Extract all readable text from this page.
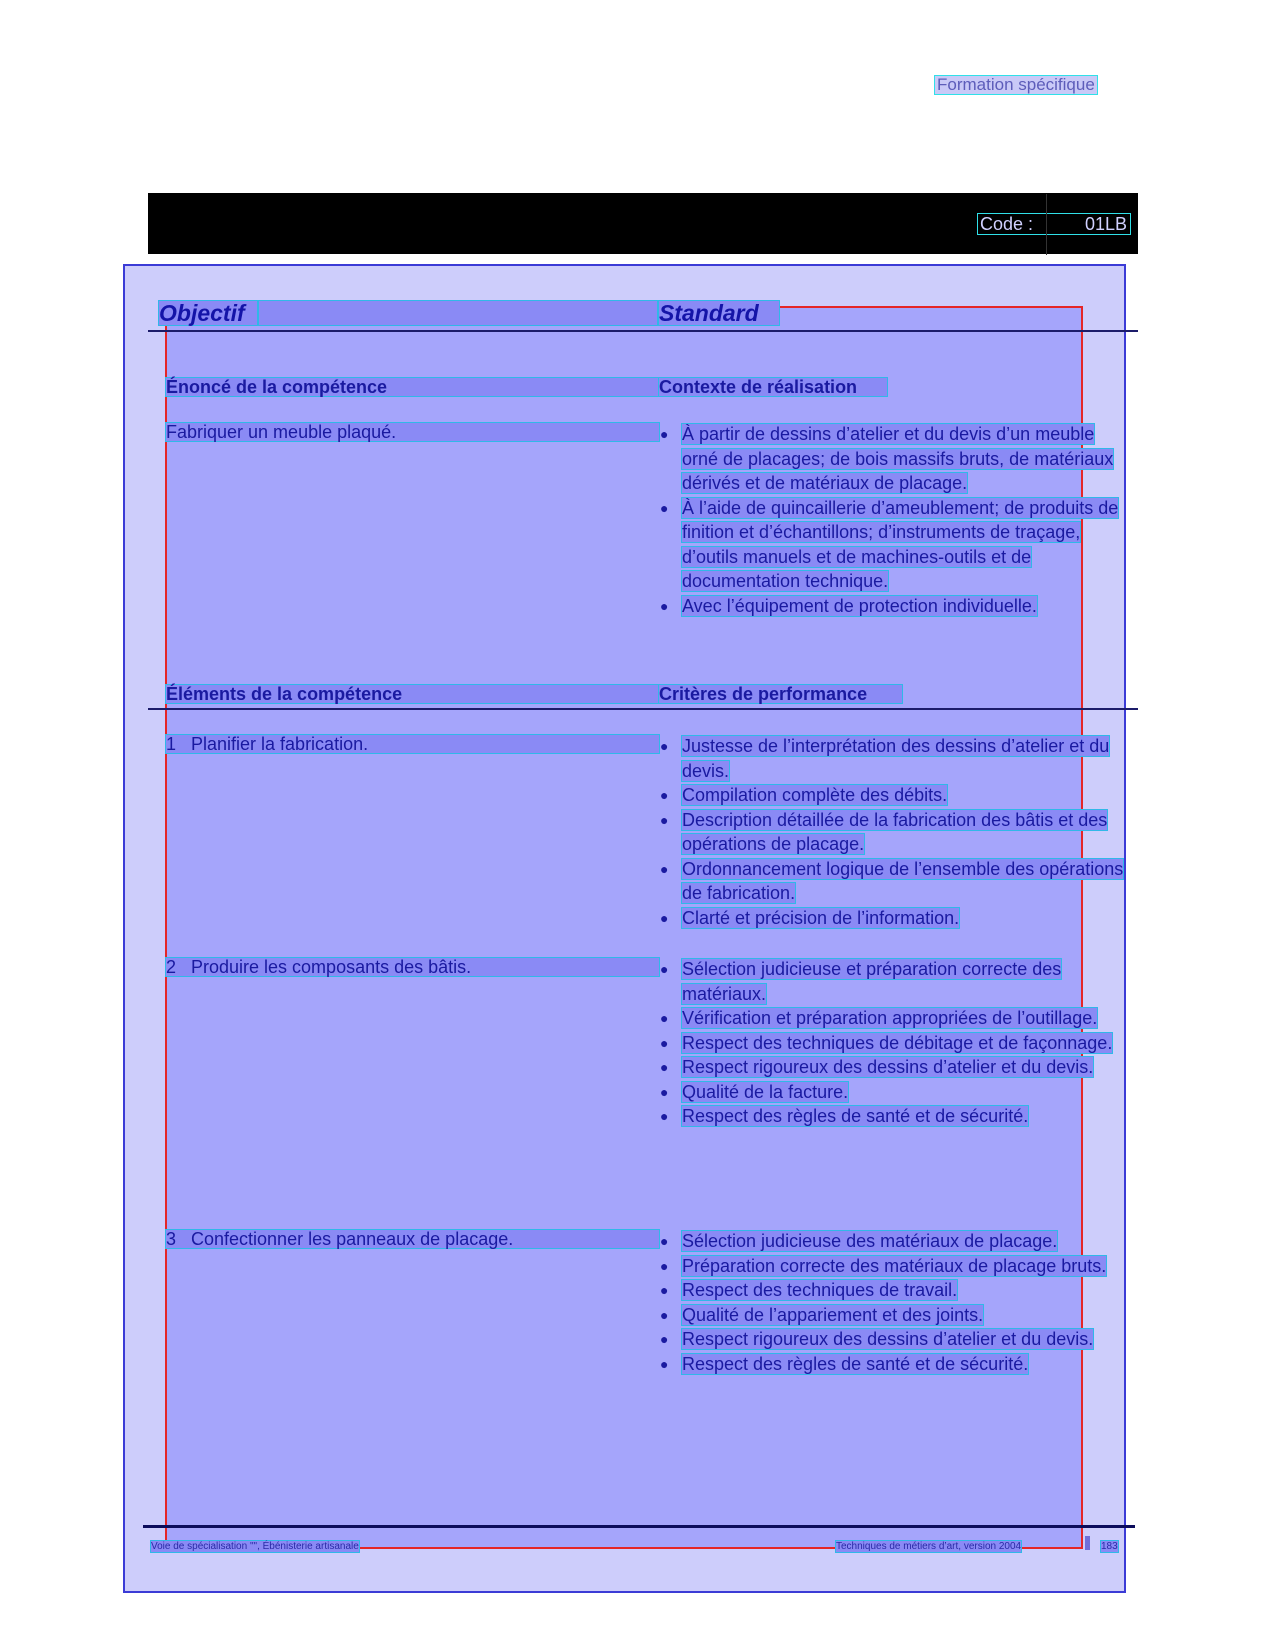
Formation spécifique
Code :	01LB
Objectif	Standard
Énoncé de la compétence	Contexte de réalisation
Fabriquer un meuble plaqué.	● À partir de dessins d’atelier et du devis d’un meuble orné de placages; de bois massifs bruts, de matériaux dérivés et de matériaux de placage.
● À l’aide de quincaillerie d’ameublement; de produits de finition et d’échantillons; d’instruments de traçage, d’outils manuels et de machines-outils et de documentation technique.
● Avec l’équipement de protection individuelle.
Éléments de la compétence	Critères de performance
1 Planifier la fabrication.	● Justesse de l’interprétation des dessins d’atelier et du devis.
● Compilation complète des débits.
● Description détaillée de la fabrication des bâtis et des opérations de placage.
● Ordonnancement logique de l’ensemble des opérations de fabrication.
● Clarté et précision de l’information.
2 Produire les composants des bâtis.	● Sélection judicieuse et préparation correcte des matériaux.
● Vérification et préparation appropriées de l’outillage.
● Respect des techniques de débitage et de façonnage.
● Respect rigoureux des dessins d’atelier et du devis.
● Qualité de la facture.
● Respect des règles de santé et de sécurité.
3 Confectionner les panneaux de placage.	● Sélection judicieuse des matériaux de placage.
● Préparation correcte des matériaux de placage bruts.
● Respect des techniques de travail.
● Qualité de l’appariement et des joints.
● Respect rigoureux des dessins d’atelier et du devis.
● Respect des règles de santé et de sécurité.
Voie de spécialisation "", Ébénisterie artisanale	Techniques de métiers d’art, version 2004	183
